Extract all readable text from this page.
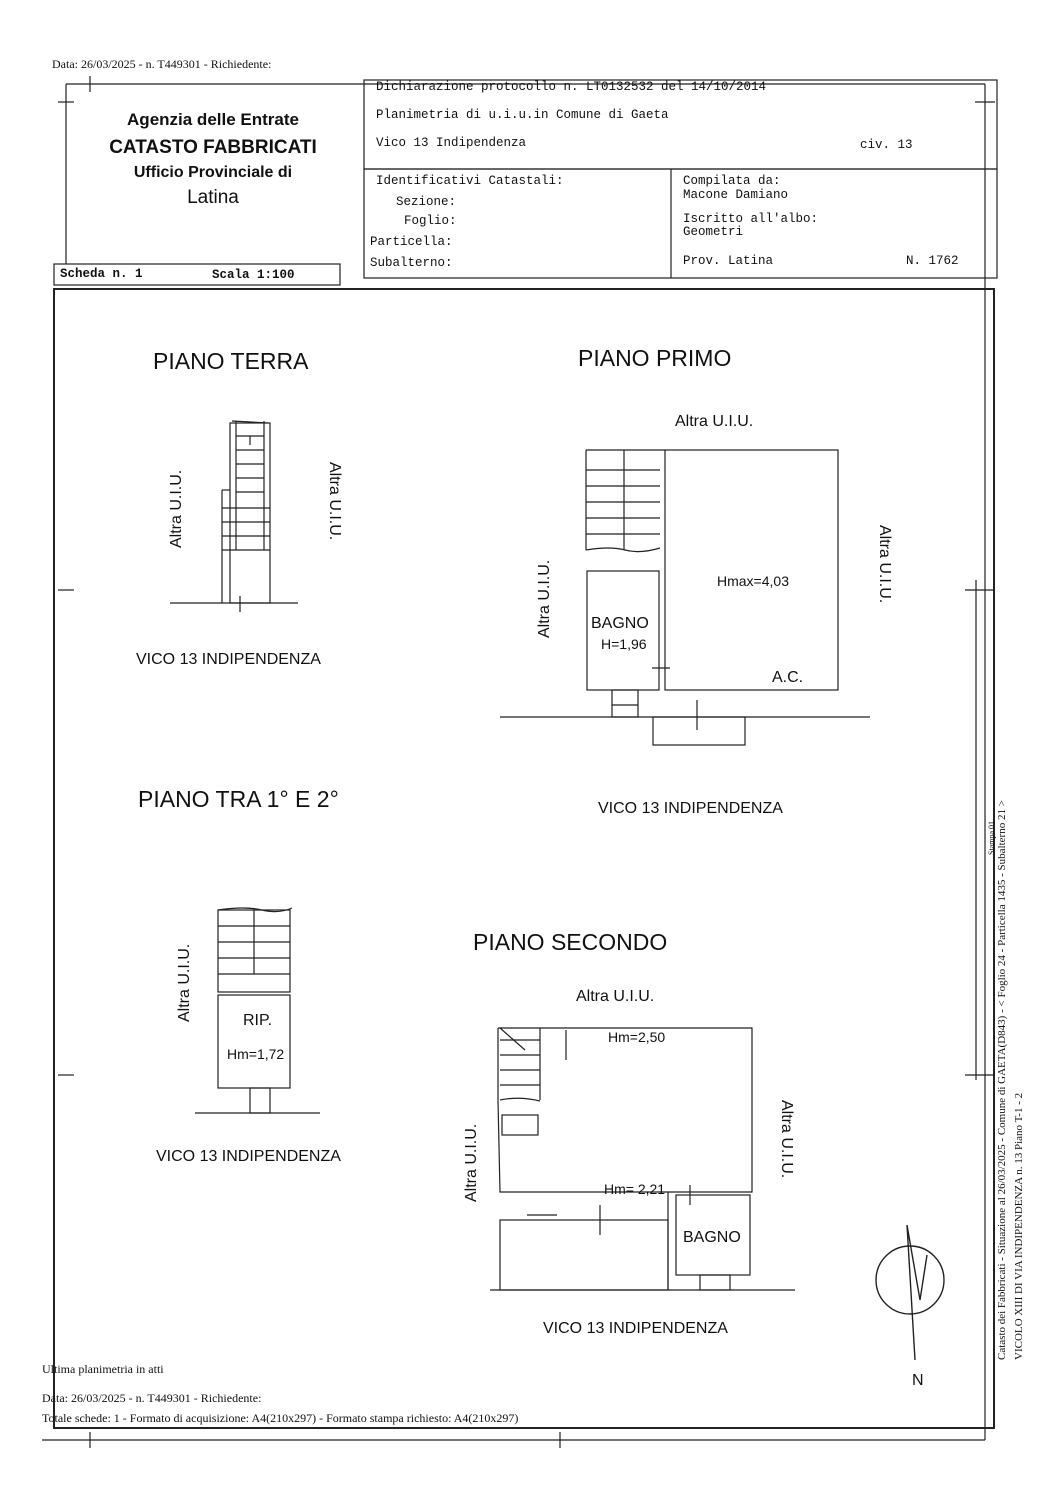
Data: 26/03/2025 - n. T449301 - Richiedente:
Agenzia delle Entrate
CATASTO FABBRICATI
Ufficio Provinciale di
Latina
Dichiarazione protocollo n. LT0132532 del 14/10/2014
Planimetria di u.i.u.in Comune di Gaeta
Vico 13 Indipendenza	civ. 13
Identificativi Catastali:
Sezione:
Foglio:
Particella:
Subalterno:
Compilata da:
Macone Damiano
Iscritto all'albo:
Geometri
Prov. Latina	N. 1762
Scheda n. 1	Scala 1:100
PIANO TERRA
Altra U.I.U.	Altra U.I.U.
VICO 13 INDIPENDENZA
PIANO PRIMO
Altra U.I.U.
Altra U.I.U.	Altra U.I.U.
BAGNO
H=1,96
Hmax=4,03
A.C.
VICO 13 INDIPENDENZA
PIANO TRA 1° E 2°
Altra U.I.U.	RIP.
Hm=1,72
VICO 13 INDIPENDENZA
PIANO SECONDO
Altra U.I.U.
Altra U.I.U.	Altra U.I.U.
Hm=2,50
Hm= 2,21
BAGNO
VICO 13 INDIPENDENZA
N
Catasto dei Fabbricati - Situazione al 26/03/2025 - Comune di GAETA(D843) - < Foglio 24 - Particella 1435 - Subalterno 21 > VICOLO XIII DI VIA INDIPENDENZA n. 13 Piano T-1 - 2
Stampa 01
Ultima planimetria in atti
Data: 26/03/2025 - n. T449301 - Richiedente:
Totale schede: 1 - Formato di acquisizione: A4(210x297) - Formato stampa richiesto: A4(210x297)
